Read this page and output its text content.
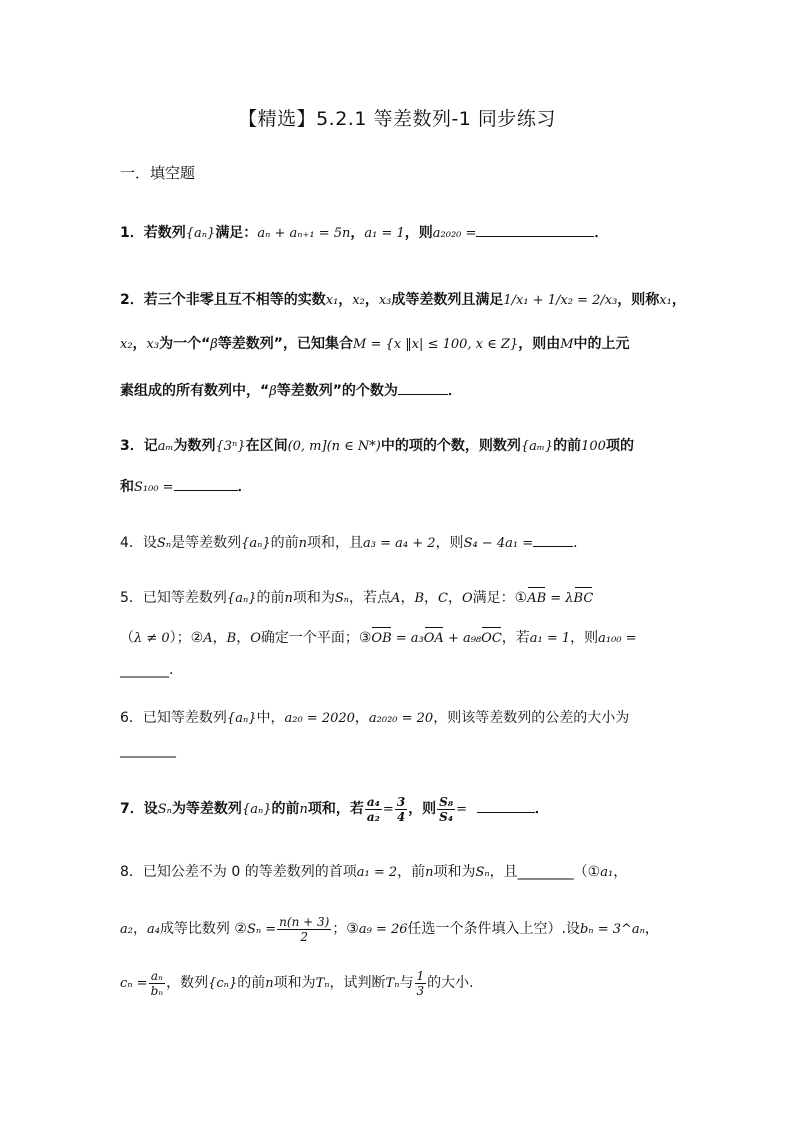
【精选】5.2.1 等差数列-1 同步练习
一．填空题
1．若数列{aₙ}满足：aₙ + aₙ₊₁ = 5n，a₁ = 1，则a₂₀₂₀ =	．
2．若三个非零且互不相等的实数x₁，x₂，x₃成等差数列且满足1/x₁ + 1/x₂ = 2/x₃，则称x₁，
x₂，x₃为一个“β等差数列”，已知集合M = {x ‖x| ≤ 100, x ∈ Z}，则由M中的上元
素组成的所有数列中，“β等差数列”的个数为	．
3．记aₘ为数列{3ⁿ}在区间(0, m](n ∈ N*)中的项的个数，则数列{aₘ}的前100项的
和S₁₀₀ =	．
4．设Sₙ是等差数列{aₙ}的前n项和，且a₃ = a₄ + 2，则S₄ − 4a₁ =	．
5．已知等差数列{aₙ}的前n项和为Sₙ，若点A，B，C，O满足：①AB = λBC
（λ ≠ 0）；②A，B，O确定一个平面；③OB = a₃OA + a₉₈OC，若a₁ = 1，则a₁₀₀ =
_______．
6．已知等差数列{aₙ}中，a₂₀ = 2020，a₂₀₂₀ = 20，则该等差数列的公差的大小为
________
7．设Sₙ为等差数列{aₙ}的前n项和，若 $\frac{\text{a₄}}{\text{a₂}} = \frac{3}{4}$ ，则 $\frac{\text{S₈}}{\text{S₄}}$ =	．
8．已知公差不为 0 的等差数列的首项a₁ = 2，前n项和为Sₙ，且________（①a₁，
a₂，a₄成等比数列 ②Sₙ = $\frac{n(n + 3)}{2}$ ；③a₉ = 26任选一个条件填入上空）.设bₙ = 3^aₙ，
$c_n = \frac{\text{aₙ}}{\text{bₙ}}$ ，数列{cₙ}的前n项和为Tₙ，试判断Tₙ与 $\frac{1}{3}$ 的大小.
